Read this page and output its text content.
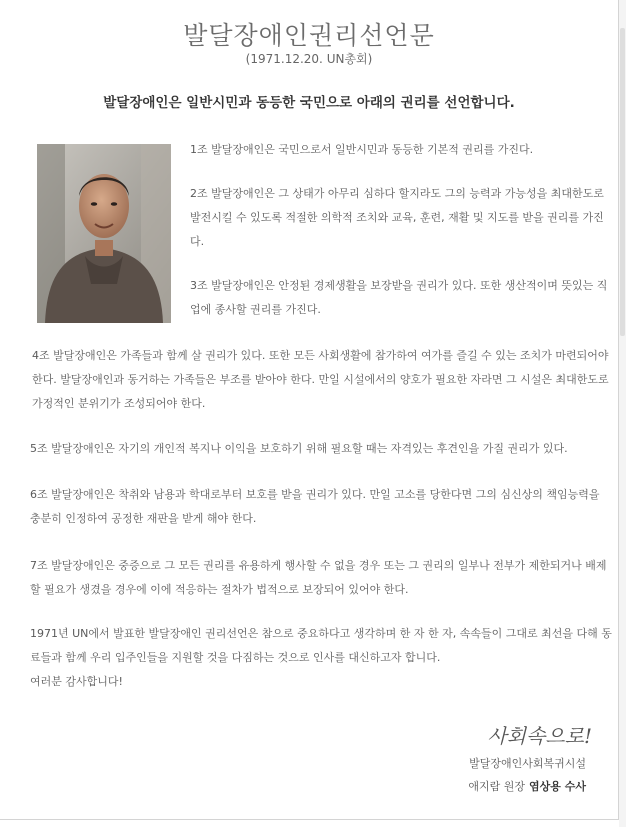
발달장애인권리선언문
(1971.12.20. UN총회)
발달장애인은 일반시민과 동등한 국민으로 아래의 권리를 선언합니다.

1조 발달장애인은 국민으로서 일반시민과 동등한 기본적 권리를 가진다.

2조 발달장애인은 그 상태가 아무리 심하다 할지라도 그의 능력과 가능성을 최대한도로 발전시킬 수 있도록 적절한 의학적 조치와 교육, 훈련, 재활 및 지도를 받을 권리를 가진다.

3조 발달장애인은 안정된 경제생활을 보장받을 권리가 있다. 또한 생산적이며 뜻있는 직업에 종사할 권리를 가진다.

4조 발달장애인은 가족들과 함께 살 권리가 있다. 또한 모든 사회생활에 참가하여 여가를 즐길 수 있는 조치가 마련되어야 한다. 발달장애인과 동거하는 가족들은 부조를 받아야 한다. 만일 시설에서의 양호가 필요한 자라면 그 시설은 최대한도로 가정적인 분위기가 조성되어야 한다.

5조 발달장애인은 자기의 개인적 복지나 이익을 보호하기 위해 필요할 때는 자격있는 후견인을 가질 권리가 있다.

6조 발달장애인은 착취와 남용과 학대로부터 보호를 받을 권리가 있다. 만일 고소를 당한다면 그의 심신상의 책임능력을 충분히 인정하여 공정한 재판을 받게 해야 한다.

7조 발달장애인은 중증으로 그 모든 권리를 유용하게 행사할 수 없을 경우 또는 그 권리의 일부나 전부가 제한되거나 배제할 필요가 생겼을 경우에 이에 적응하는 절차가 법적으로 보장되어 있어야 한다.

1971년 UN에서 발표한 발달장애인 권리선언은 참으로 중요하다고 생각하며 한 자 한 자, 속속들이 그대로 최선을 다해 동료들과 함께 우리 입주인들을 지원할 것을 다짐하는 것으로 인사를 대신하고자 합니다.

여러분 감사합니다!

사회속으로!
발달장애인사회복귀시설
애지람 원장 염상용 수사
